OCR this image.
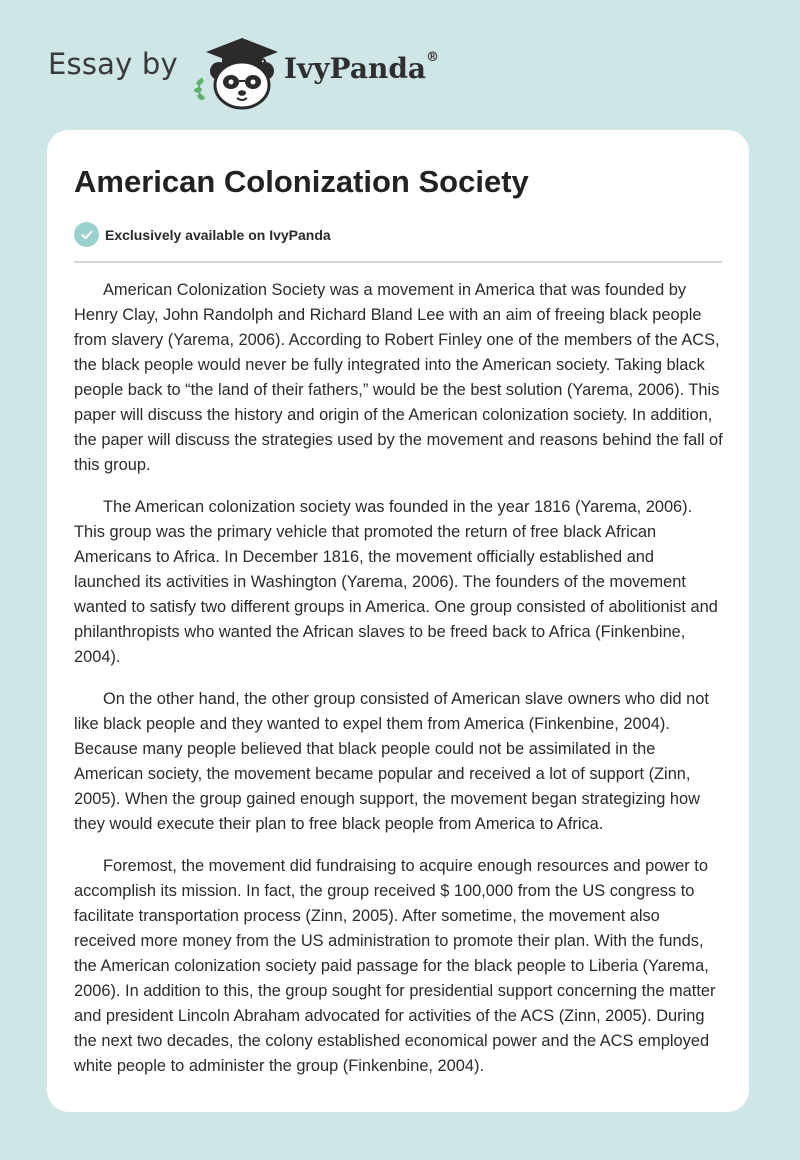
Essay by	IvyPanda®
American Colonization Society
Exclusively available on IvyPanda

American Colonization Society was a movement in America that was founded by Henry Clay, John Randolph and Richard Bland Lee with an aim of freeing black people from slavery (Yarema, 2006). According to Robert Finley one of the members of the ACS, the black people would never be fully integrated into the American society. Taking black people back to “the land of their fathers,” would be the best solution (Yarema, 2006). This paper will discuss the history and origin of the American colonization society. In addition, the paper will discuss the strategies used by the movement and reasons behind the fall of this group.

The American colonization society was founded in the year 1816 (Yarema, 2006). This group was the primary vehicle that promoted the return of free black African Americans to Africa. In December 1816, the movement officially established and launched its activities in Washington (Yarema, 2006). The founders of the movement wanted to satisfy two different groups in America. One group consisted of abolitionist and philanthropists who wanted the African slaves to be freed back to Africa (Finkenbine, 2004).

On the other hand, the other group consisted of American slave owners who did not like black people and they wanted to expel them from America (Finkenbine, 2004). Because many people believed that black people could not be assimilated in the American society, the movement became popular and received a lot of support (Zinn, 2005). When the group gained enough support, the movement began strategizing how they would execute their plan to free black people from America to Africa.

Foremost, the movement did fundraising to acquire enough resources and power to accomplish its mission. In fact, the group received $ 100,000 from the US congress to facilitate transportation process (Zinn, 2005). After sometime, the movement also received more money from the US administration to promote their plan. With the funds, the American colonization society paid passage for the black people to Liberia (Yarema, 2006). In addition to this, the group sought for presidential support concerning the matter and president Lincoln Abraham advocated for activities of the ACS (Zinn, 2005). During the next two decades, the colony established economical power and the ACS employed white people to administer the group (Finkenbine, 2004).
